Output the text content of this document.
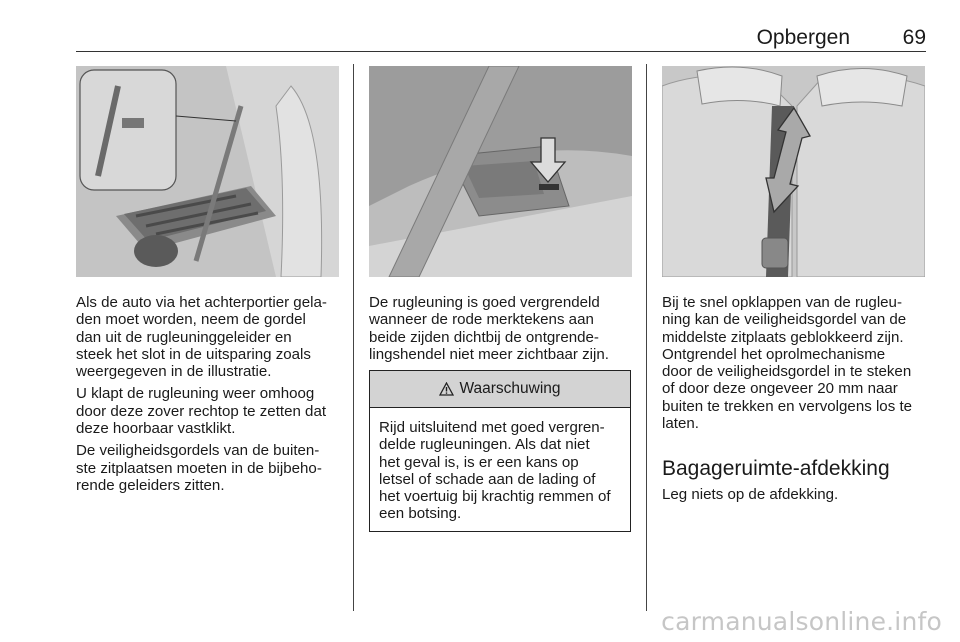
Opbergen	69

Als de auto via het achterportier gela-
den moet worden, neem de gordel
dan uit de rugleuninggeleider en
steek het slot in de uitsparing zoals
weergegeven in de illustratie.

U klapt de rugleuning weer omhoog
door deze zover rechtop te zetten dat
deze hoorbaar vastklikt.

De veiligheidsgordels van de buiten-
ste zitplaatsen moeten in de bijbeho-
rende geleiders zitten.

De rugleuning is goed vergrendeld
wanneer de rode merktekens aan
beide zijden dichtbij de ontgrende-
lingshendel niet meer zichtbaar zijn.

Waarschuwing
Rijd uitsluitend met goed vergren-
delde rugleuningen. Als dat niet
het geval is, is er een kans op
letsel of schade aan de lading of
het voertuig bij krachtig remmen of
een botsing.

Bij te snel opklappen van de rugleu-
ning kan de veiligheidsgordel van de
middelste zitplaats geblokkeerd zijn.
Ontgrendel het oprolmechanisme
door de veiligheidsgordel in te steken
of door deze ongeveer 20 mm naar
buiten te trekken en vervolgens los te
laten.

Bagageruimte-afdekking
Leg niets op de afdekking.
carmanualsonline.info
